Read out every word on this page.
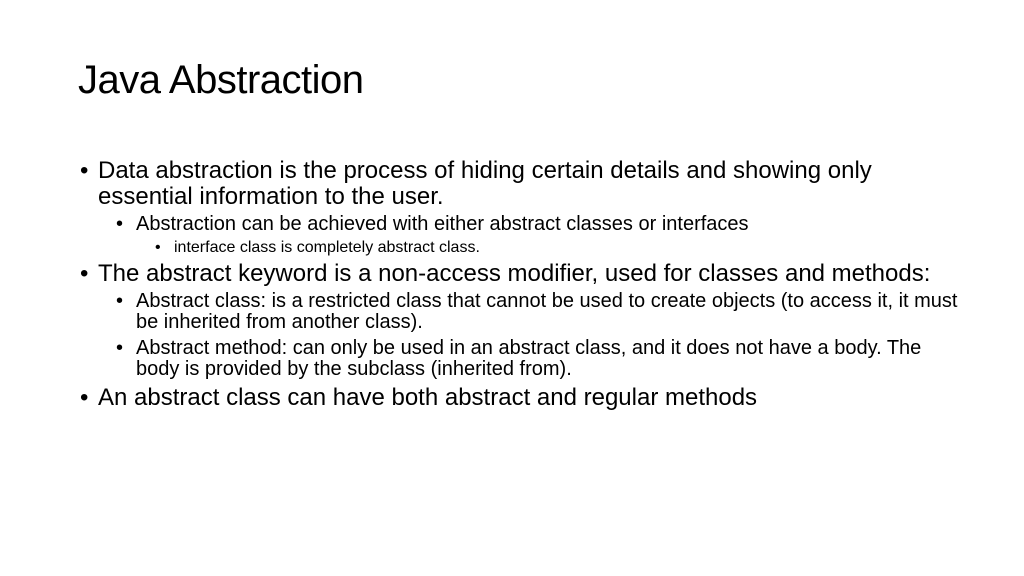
Java Abstraction
• Data abstraction is the process of hiding certain details and showing only essential information to the user.
• Abstraction can be achieved with either abstract classes or interfaces
• interface class is completely abstract class.
• The abstract keyword is a non-access modifier, used for classes and methods:
• Abstract class: is a restricted class that cannot be used to create objects (to access it, it must be inherited from another class).
• Abstract method: can only be used in an abstract class, and it does not have a body. The body is provided by the subclass (inherited from).
• An abstract class can have both abstract and regular methods
